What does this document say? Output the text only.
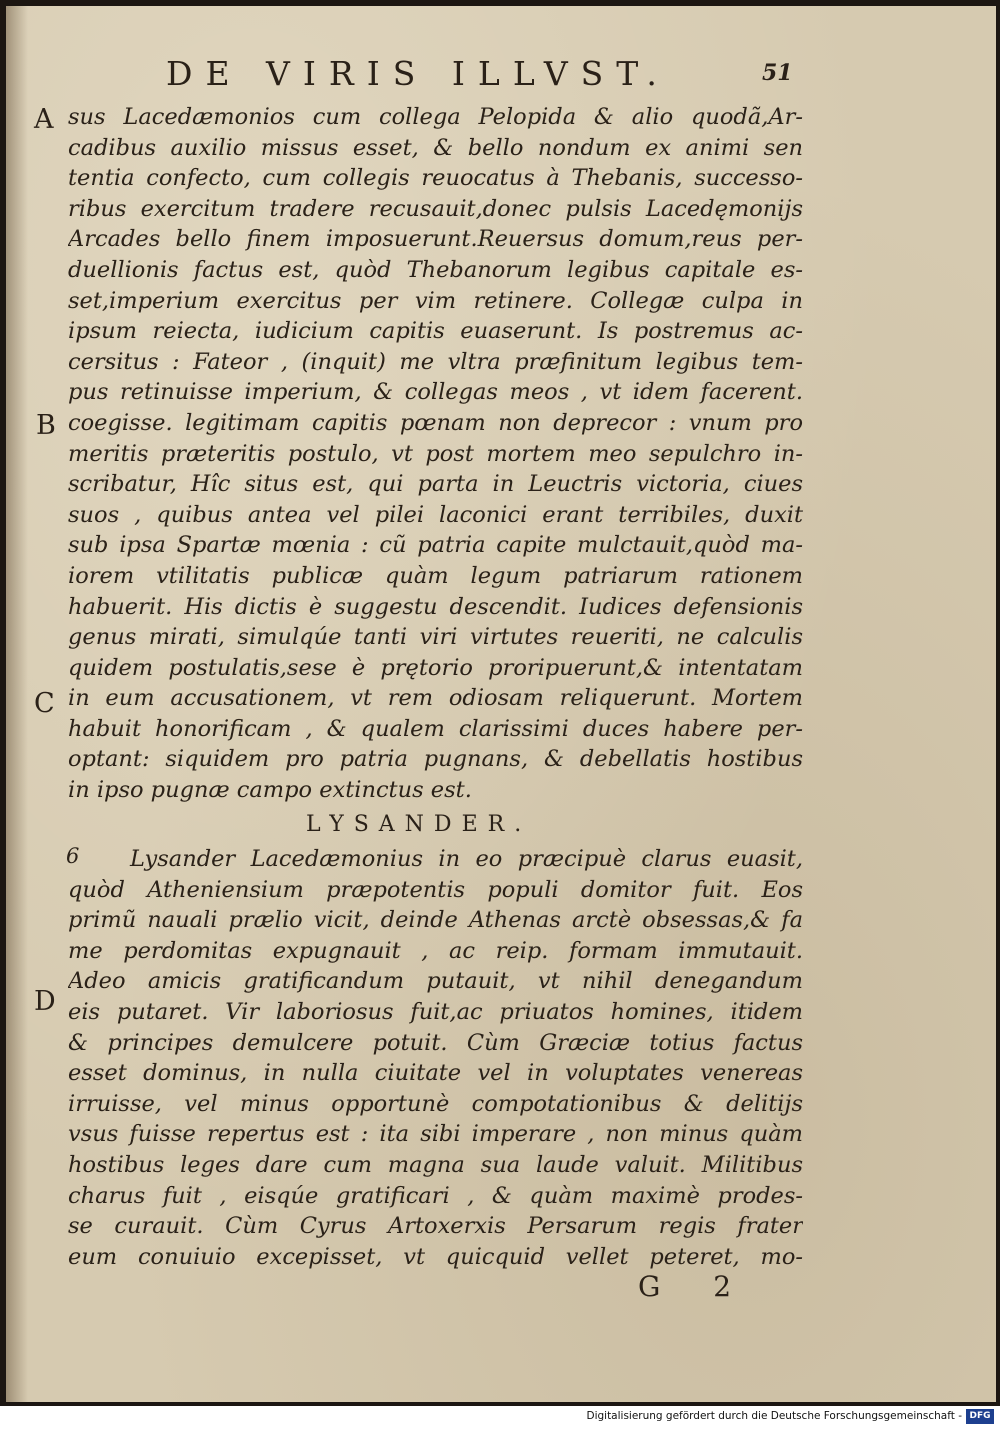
DE VIRIS ILLVST.	51
A
B
C
D
sus Lacedæmonios cum collega Pelopida & alio quodã,Ar-
cadibus auxilio missus esset, & bello nondum ex animi sen
tentia confecto, cum collegis reuocatus à Thebanis, successo-
ribus exercitum tradere recusauit,donec pulsis Lacedęmonijs
Arcades bello finem imposuerunt.Reuersus domum,reus per-
duellionis factus est, quòd Thebanorum legibus capitale es-
set,imperium exercitus per vim retinere. Collegæ culpa in
ipsum reiecta, iudicium capitis euaserunt. Is postremus ac-
cersitus : Fateor , (inquit) me vltra præfinitum legibus tem-
pus retinuisse imperium, & collegas meos , vt idem facerent.
coegisse. legitimam capitis pœnam non deprecor : vnum pro
meritis præteritis postulo, vt post mortem meo sepulchro in-
scribatur, Hîc situs est, qui parta in Leuctris victoria, ciues
suos , quibus antea vel pilei laconici erant terribiles, duxit
sub ipsa Spartæ mœnia : cũ patria capite mulctauit,quòd ma-
iorem vtilitatis publicæ quàm legum patriarum rationem
habuerit. His dictis è suggestu descendit. Iudices defensionis
genus mirati, simulqúe tanti viri virtutes reueriti, ne calculis
quidem postulatis,sese è prętorio proripuerunt,& intentatam
in eum accusationem, vt rem odiosam reliquerunt. Mortem
habuit honorificam , & qualem clarissimi duces habere per-
optant: siquidem pro patria pugnans, & debellatis hostibus
in ipso pugnæ campo extinctus est.
LYSANDER.
6	Lysander Lacedæmonius in eo præcipuè clarus euasit,
quòd Atheniensium præpotentis populi domitor fuit. Eos
primũ nauali prælio vicit, deinde Athenas arctè obsessas,& fa
me perdomitas expugnauit , ac reip. formam immutauit.
Adeo amicis gratificandum putauit, vt nihil denegandum
eis putaret. Vir laboriosus fuit,ac priuatos homines, itidem
& principes demulcere potuit. Cùm Græciæ totius factus
esset dominus, in nulla ciuitate vel in voluptates venereas
irruisse, vel minus opportunè compotationibus & delitijs
vsus fuisse repertus est : ita sibi imperare , non minus quàm
hostibus leges dare cum magna sua laude valuit. Militibus
charus fuit , eisqúe gratificari , & quàm maximè prodes-
se curauit. Cùm Cyrus Artoxerxis Persarum regis frater
eum conuiuio excepisset, vt quicquid vellet peteret, mo-
G 2
Digitalisierung gefördert durch die Deutsche Forschungsgemeinschaft - DFG
